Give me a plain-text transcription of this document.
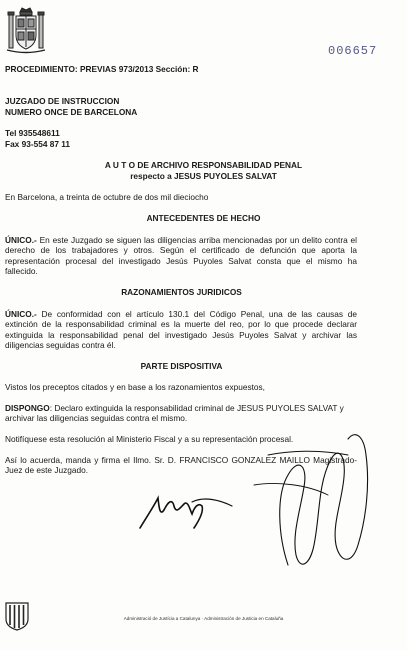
006657
PROCEDIMIENTO: PREVIAS 973/2013 Sección: R
JUZGADO DE INSTRUCCION
NUMERO ONCE DE BARCELONA
Tel 935548611
Fax 93-554 87 11
A U T O DE ARCHIVO RESPONSABILIDAD PENAL
respecto a JESUS PUYOLES SALVAT
En Barcelona, a treinta de octubre de dos mil dieciocho
ANTECEDENTES DE HECHO
ÚNICO.- En este Juzgado se siguen las diligencias arriba mencionadas por un delito contra el derecho de los trabajadores y otros. Según el certificado de defunción que aporta la representación procesal del investigado Jesús Puyoles Salvat consta que el mismo ha fallecido.
RAZONAMIENTOS JURIDICOS
ÚNICO.- De conformidad con el artículo 130.1 del Código Penal, una de las causas de extinción de la responsabilidad criminal es la muerte del reo, por lo que procede declarar extinguida la responsabilidad penal del investigado Jesús Puyoles Salvat y archivar las diligencias seguidas contra él.
PARTE DISPOSITIVA
Vistos los preceptos citados y en base a los razonamientos expuestos,
DISPONGO: Declaro extinguida la responsabilidad criminal de JESUS PUYOLES SALVAT y archivar las diligencias seguidas contra el mismo.
Notifíquese esta resolución al Ministerio Fiscal y a su representación procesal.
Así lo acuerda, manda y firma el Ilmo. Sr. D. FRANCISCO GONZALEZ MAILLO Magistrado-Juez de este Juzgado.
Administració de Justícia a Catalunya · Administración de Justicia en Cataluña
